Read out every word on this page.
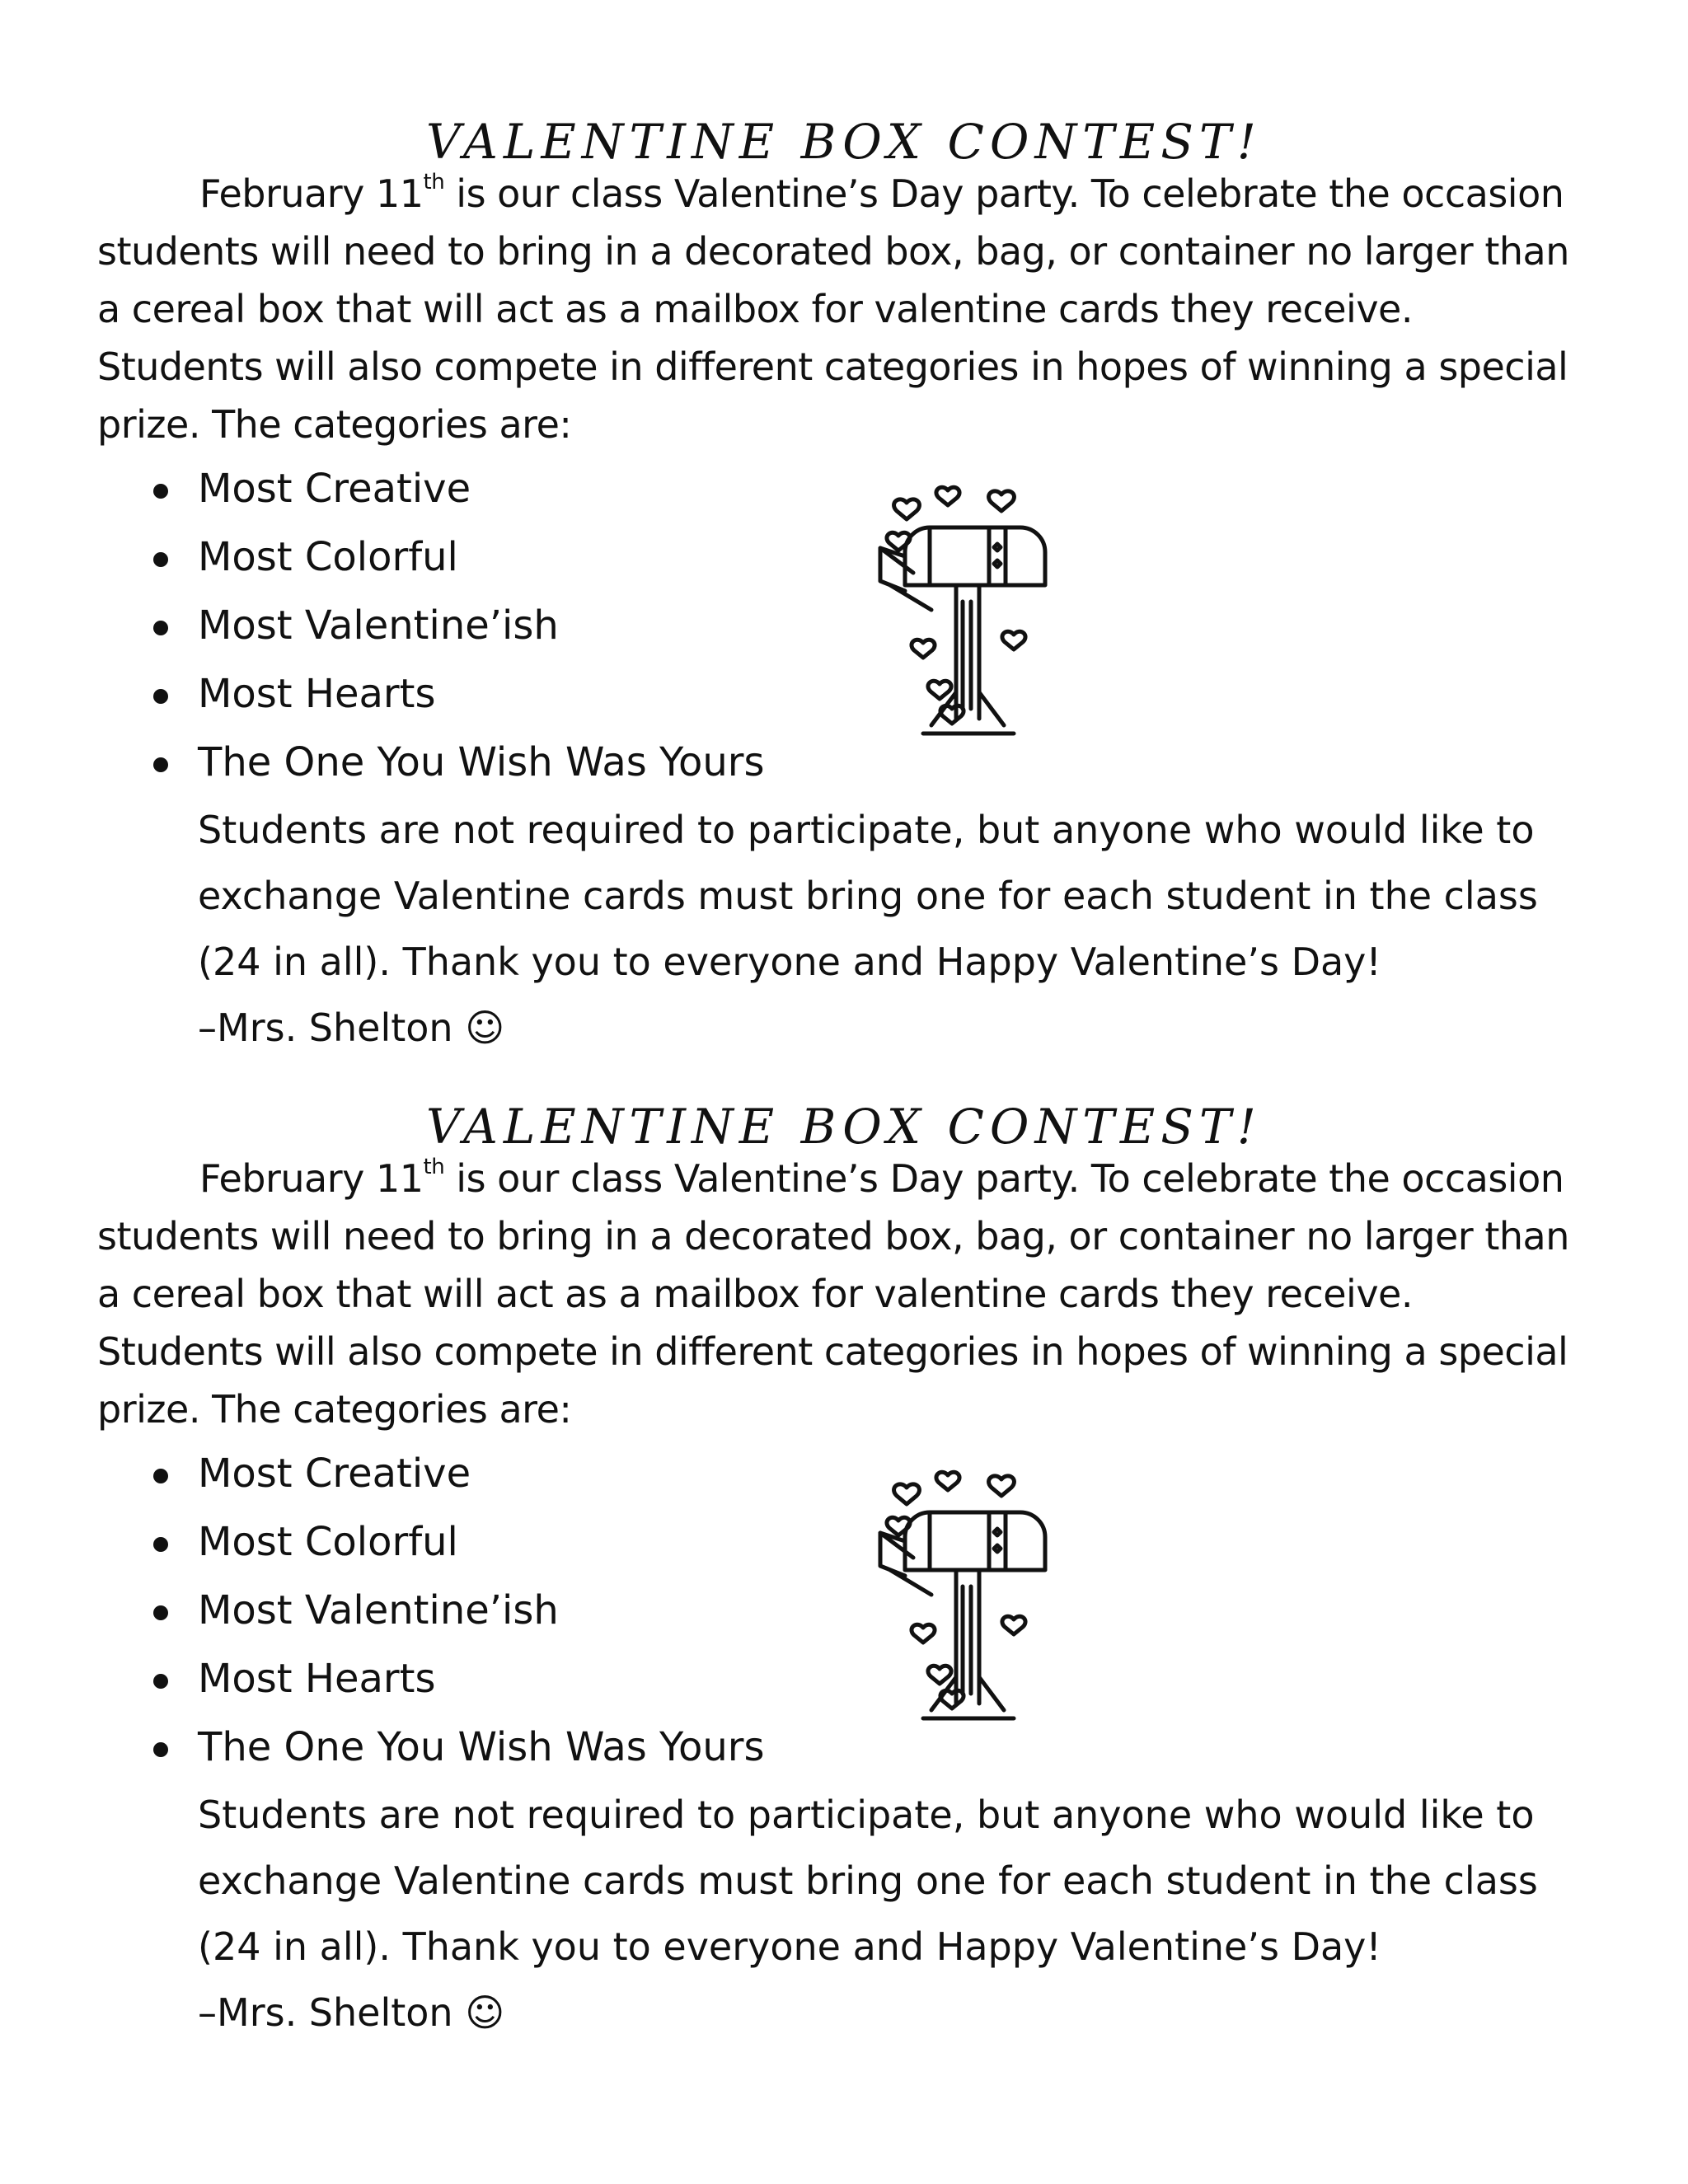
VALENTINE BOX CONTEST!

February 11th is our class Valentine’s Day party. To celebrate the occasion students will need to bring in a decorated box, bag, or container no larger than a cereal box that will act as a mailbox for valentine cards they receive. Students will also compete in different categories in hopes of winning a special prize. The categories are:

Most Creative
Most Colorful
Most Valentine’ish
Most Hearts
The One You Wish Was Yours

Students are not required to participate, but anyone who would like to exchange Valentine cards must bring one for each student in the class (24 in all). Thank you to everyone and Happy Valentine’s Day!

–Mrs. Shelton ☺

VALENTINE BOX CONTEST!

February 11th is our class Valentine’s Day party. To celebrate the occasion students will need to bring in a decorated box, bag, or container no larger than a cereal box that will act as a mailbox for valentine cards they receive. Students will also compete in different categories in hopes of winning a special prize. The categories are:

Most Creative
Most Colorful
Most Valentine’ish
Most Hearts
The One You Wish Was Yours

Students are not required to participate, but anyone who would like to exchange Valentine cards must bring one for each student in the class (24 in all). Thank you to everyone and Happy Valentine’s Day!

–Mrs. Shelton ☺
